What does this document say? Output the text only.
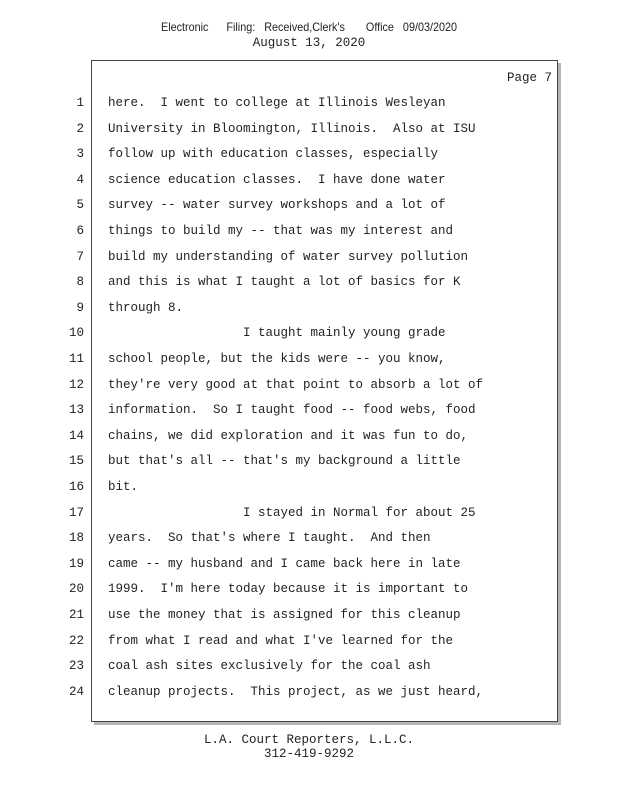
Electronic      Filing:   Received,Clerk's       Office   09/03/2020
August 13, 2020
Page 7
1 here.  I went to college at Illinois Wesleyan
2 University in Bloomington, Illinois.  Also at ISU
3 follow up with education classes, especially
4 science education classes.  I have done water
5 survey -- water survey workshops and a lot of
6 things to build my -- that was my interest and
7 build my understanding of water survey pollution
8 and this is what I taught a lot of basics for K
9 through 8.
10 I taught mainly young grade
11 school people, but the kids were -- you know,
12 they're very good at that point to absorb a lot of
13 information.  So I taught food -- food webs, food
14 chains, we did exploration and it was fun to do,
15 but that's all -- that's my background a little
16 bit.
17 I stayed in Normal for about 25
18 years.  So that's where I taught.  And then
19 came -- my husband and I came back here in late
20 1999.  I'm here today because it is important to
21 use the money that is assigned for this cleanup
22 from what I read and what I've learned for the
23 coal ash sites exclusively for the coal ash
24 cleanup projects.  This project, as we just heard,
L.A. Court Reporters, L.L.C.
312-419-9292
